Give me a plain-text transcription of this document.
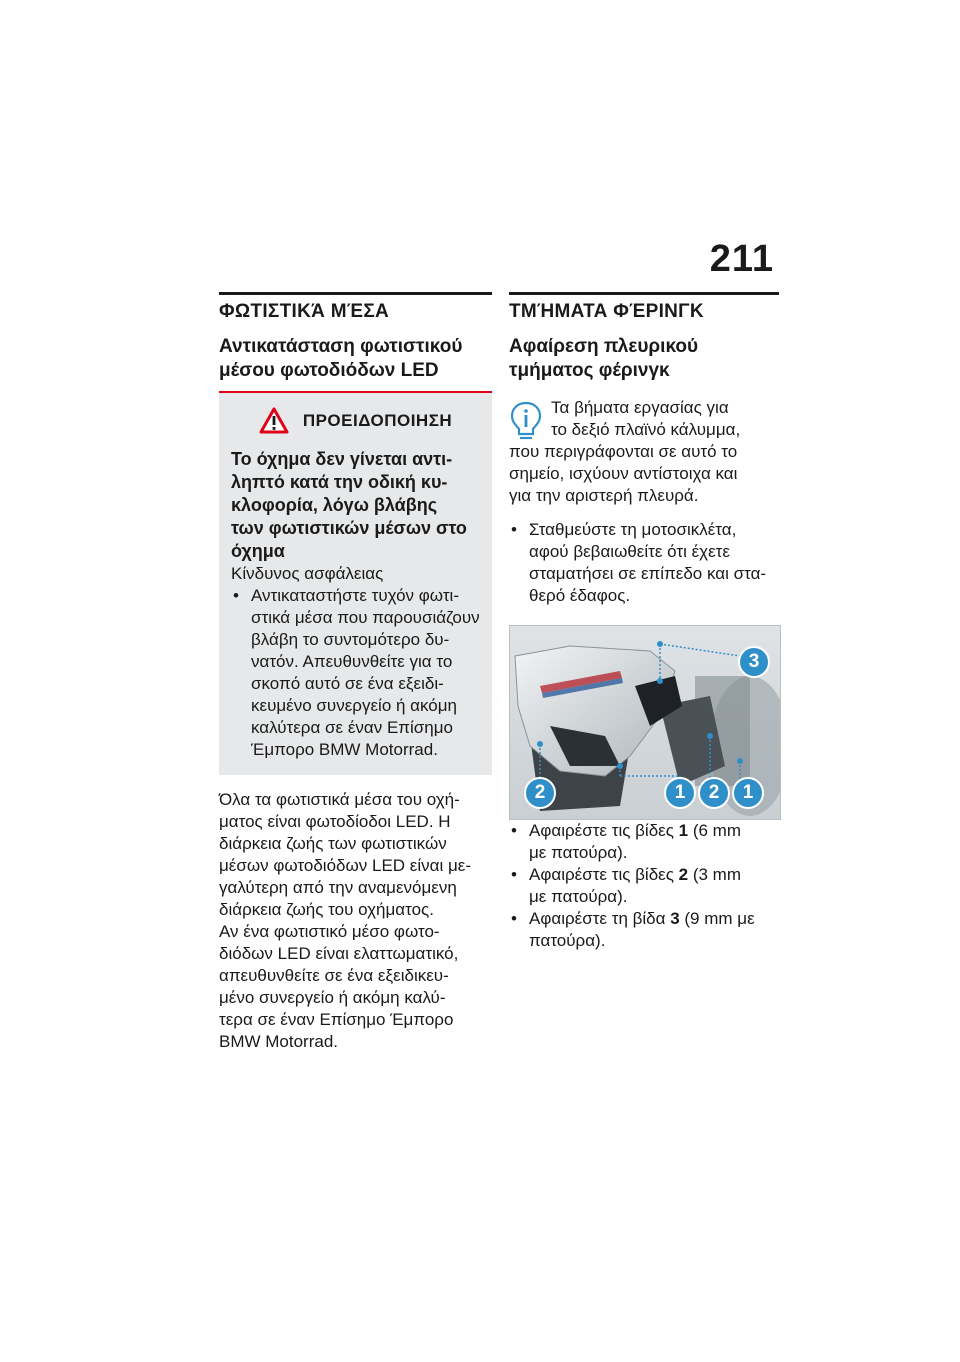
211
ΦΩΤΙΣΤΙΚΆ ΜΈΣΑ
Αντικατάσταση φωτιστικού
μέσου φωτοδιόδων LED
ΠΡΟΕΙΔΟΠΟΙΗΣΗ
Το όχημα δεν γίνεται αντι-
ληπτό κατά την οδική κυ-
κλοφορία, λόγω βλάβης
των φωτιστικών μέσων στο
όχημα

Κίνδυνος ασφάλειας

• Αντικαταστήστε τυχόν φωτι-
στικά μέσα που παρουσιάζουν
βλάβη το συντομότερο δυ-
νατόν. Απευθυνθείτε για το
σκοπό αυτό σε ένα εξειδι-
κευμένο συνεργείο ή ακόμη
καλύτερα σε έναν Επίσημο
Έμπορο BMW Motorrad.
Όλα τα φωτιστικά μέσα του οχή-
ματος είναι φωτοδίοδοι LED. Η
διάρκεια ζωής των φωτιστικών
μέσων φωτοδιόδων LED είναι με-
γαλύτερη από την αναμενόμενη
διάρκεια ζωής του οχήματος.
Αν ένα φωτιστικό μέσο φωτο-
διόδων LED είναι ελαττωματικό,
απευθυνθείτε σε ένα εξειδικευ-
μένο συνεργείο ή ακόμη καλύ-
τερα σε έναν Επίσημο Έμπορο
BMW Motorrad.
ΤΜΉΜΑΤΑ ΦΈΡΙΝΓΚ
Αφαίρεση πλευρικού
τμήματος φέρινγκ
Τα βήματα εργασίας για
το δεξιό πλαϊνό κάλυμμα,
που περιγράφονται σε αυτό το
σημείο, ισχύουν αντίστοιχα και
για την αριστερή πλευρά.
• Σταθμεύστε τη μοτοσικλέτα,
αφού βεβαιωθείτε ότι έχετε
σταματήσει σε επίπεδο και στα-
θερό έδαφος.
3
2	1	2	1
• Αφαιρέστε τις βίδες 1 (6 mm
με πατούρα).
• Αφαιρέστε τις βίδες 2 (3 mm
με πατούρα).
• Αφαιρέστε τη βίδα 3 (9 mm με
πατούρα).
